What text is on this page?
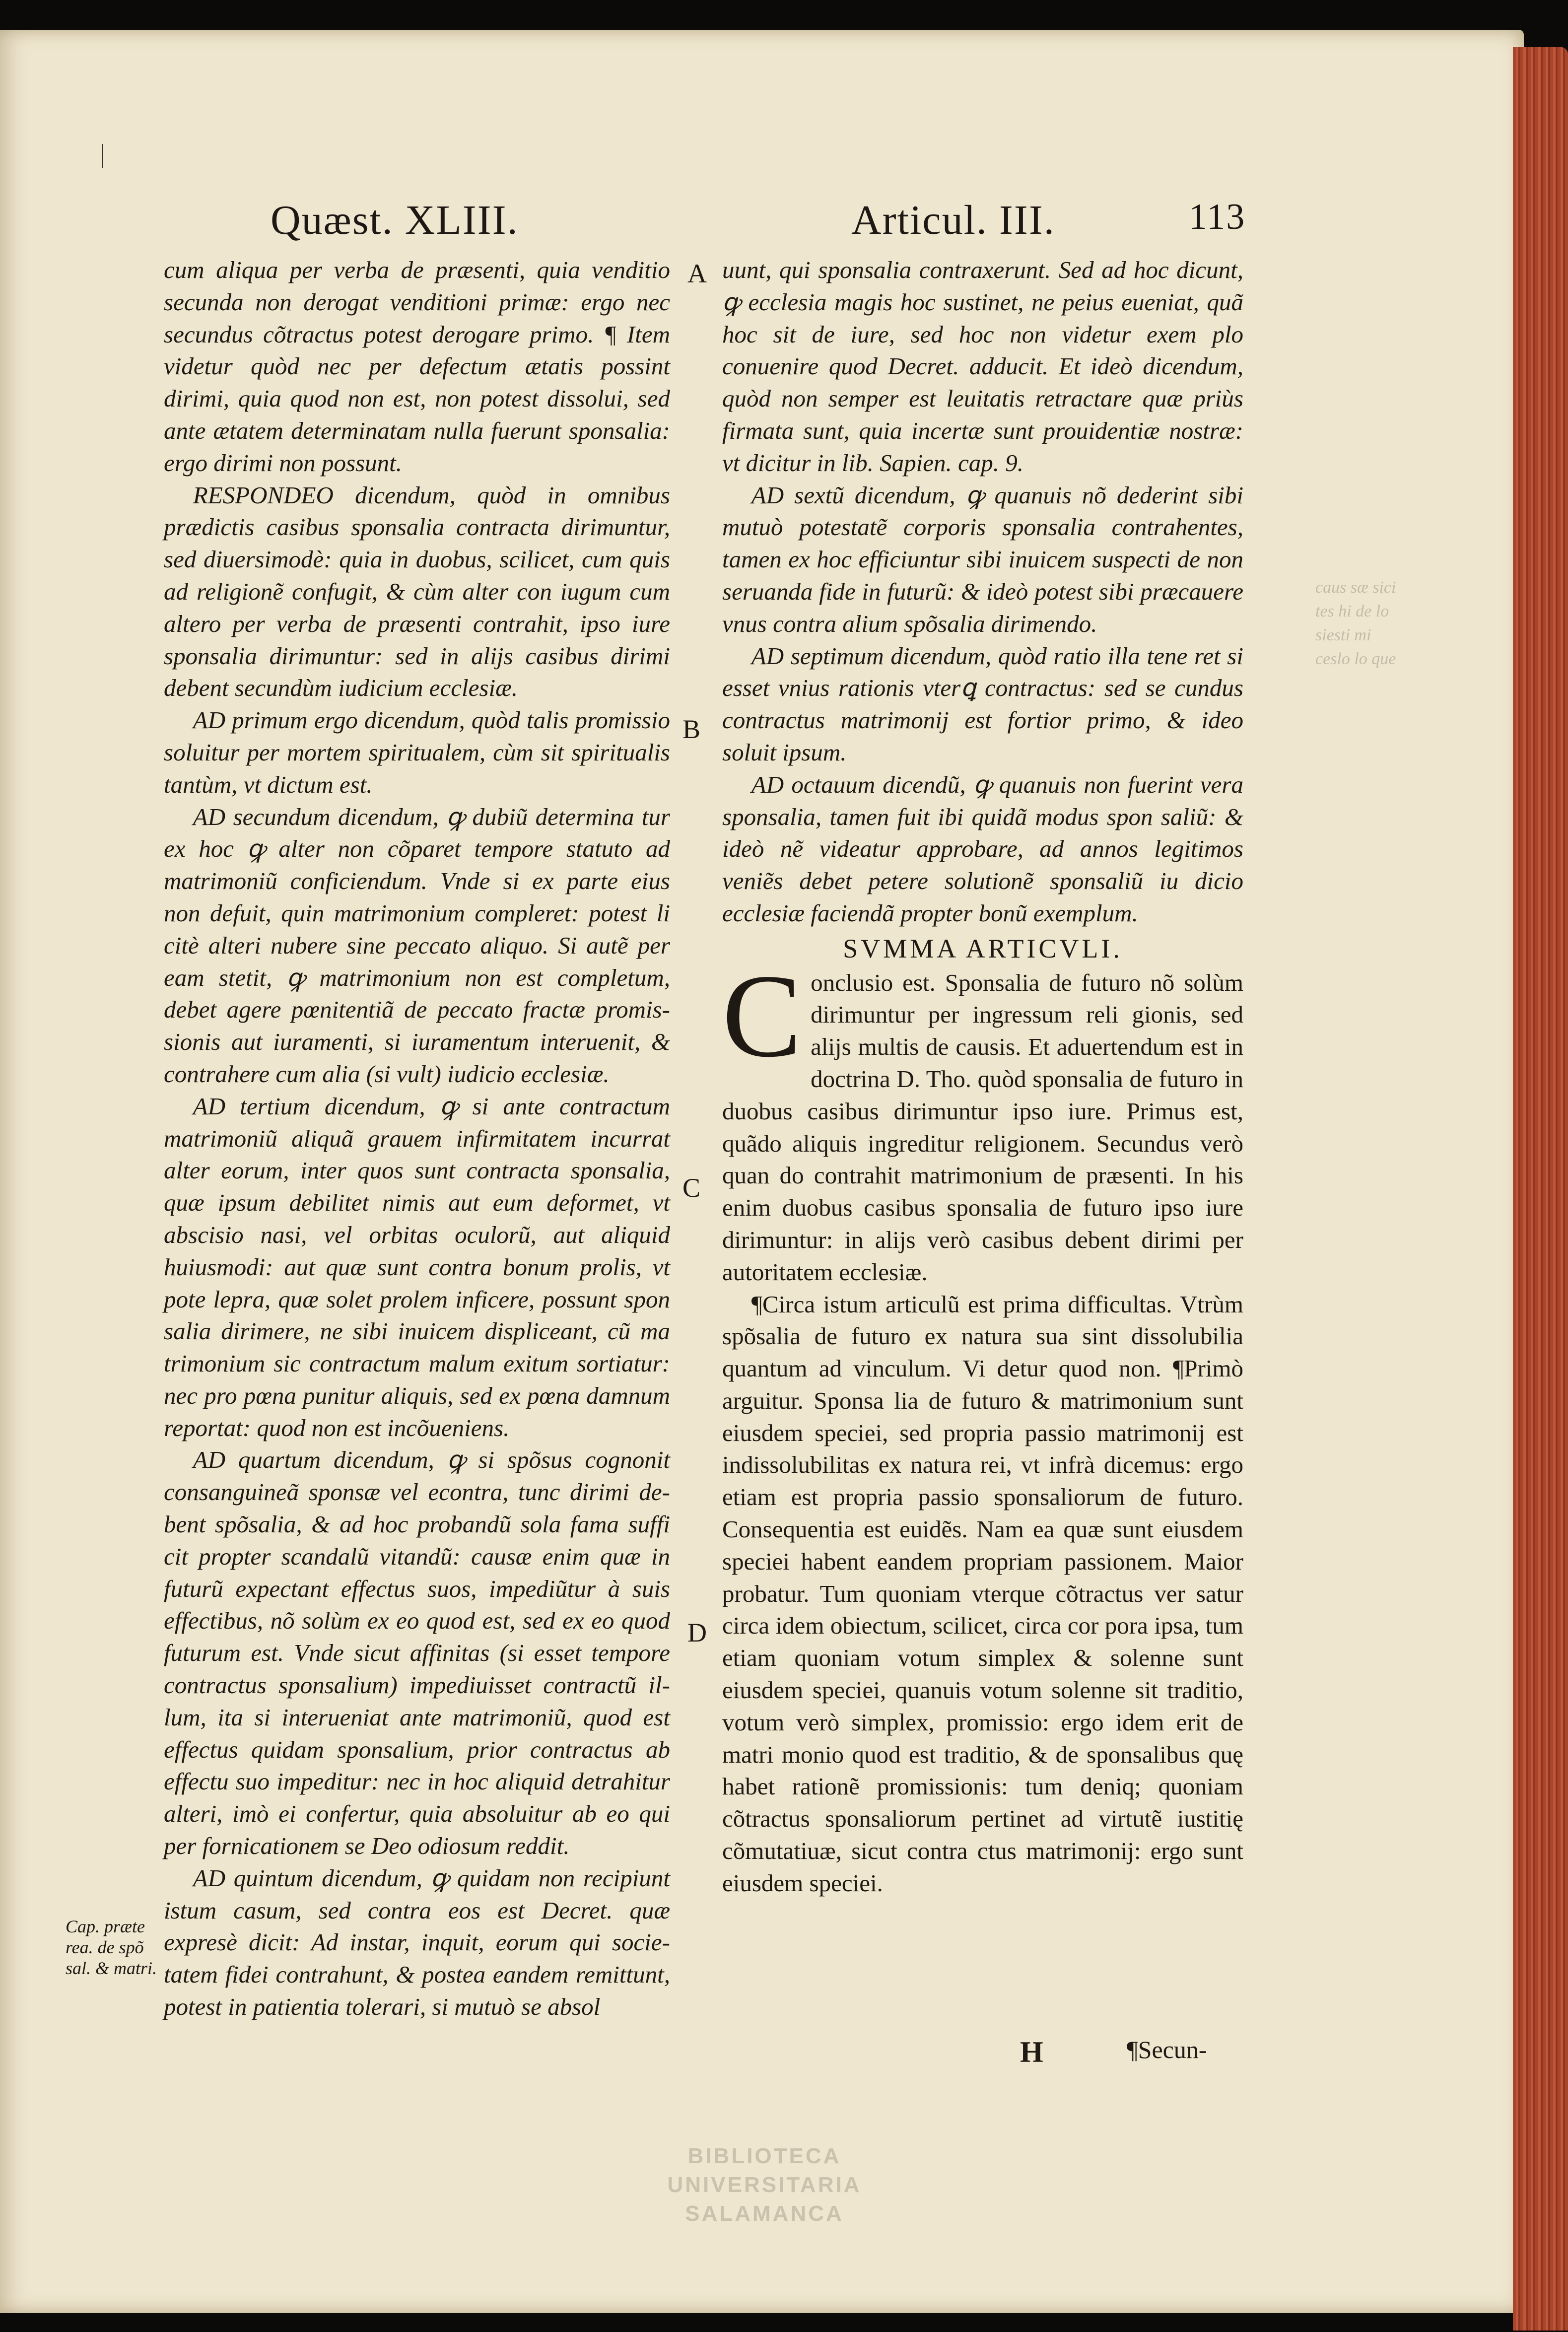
Quæst. XLIII.	Articul. III.	113

cum aliqua per verba de præsenti, quia venditio secunda non derogat venditioni primæ: ergo nec secundus cõtractus potest derogare primo. ¶ Item videtur quòd nec per defectum ætatis possint dirimi, quia quod non est, non potest dissolui, sed ante ætatem determinatam nulla fuerunt sponsalia: ergo dirimi non possunt.

RESPONDEO dicendum, quòd in omnibus prædictis casibus sponsalia contracta dirimuntur, sed diuersimodè: quia in duobus, scilicet, cum quis ad religionẽ confugit, & cùm alter con iugum cum altero per verba de præsenti contrahit, ipso iure sponsalia dirimuntur: sed in alijs casibus dirimi debent secundùm iudicium ecclesiæ.

AD primum ergo dicendum, quòd talis promissio soluitur per mortem spiritualem, cùm sit spiritualis tantùm, vt dictum est.

AD secundum dicendum, ꝙ dubiũ determina tur ex hoc ꝙ alter non cõparet tempore statuto ad matrimoniũ conficiendum. Vnde si ex parte eius non defuit, quin matrimonium compleret: potest li citè alteri nubere sine peccato aliquo. Si autẽ per eam stetit, ꝙ matrimonium non est completum, debet agere pœnitentiã de peccato fractæ promissionis aut iuramenti, si iuramentum interuenit, & contrahere cum alia (si vult) iudicio ecclesiæ.

AD tertium dicendum, ꝙ si ante contractum matrimoniũ aliquã grauem infirmitatem incurrat alter eorum, inter quos sunt contracta sponsalia, quæ ipsum debilitet nimis aut eum deformet, vt abscisio nasi, vel orbitas oculorũ, aut aliquid huiusmodi: aut quæ sunt contra bonum prolis, vt pote lepra, quæ solet prolem inficere, possunt spon salia dirimere, ne sibi inuicem displiceant, cũ ma trimonium sic contractum malum exitum sortiatur: nec pro pœna punitur aliquis, sed ex pœna damnum reportat: quod non est incõueniens.

AD quartum dicendum, ꝙ si spõsus cognonit consanguineã sponsæ vel econtra, tunc dirimi debent spõsalia, & ad hoc probandũ sola fama suffi cit propter scandalũ vitandũ: causæ enim quæ in futurũ expectant effectus suos, impediũtur à suis effectibus, nõ solùm ex eo quod est, sed ex eo quod futurum est. Vnde sicut affinitas (si esset tempore contractus sponsalium) impediuisset contractũ illum, ita si interueniat ante matrimoniũ, quod est effectus quidam sponsalium, prior contractus ab effectu suo impeditur: nec in hoc aliquid detrahitur alteri, imò ei confertur, quia absoluitur ab eo qui per fornicationem se Deo odiosum reddit.

AD quintum dicendum, ꝙ quidam non recipiunt istum casum, sed contra eos est Decret. quæ expresè dicit: Ad instar, inquit, eorum qui societatem fidei contrahunt, & postea eandem remittunt, potest in patientia tolerari, si mutuò se absol

A
B
C
D

uunt, qui sponsalia contraxerunt. Sed ad hoc dicunt, ꝙ ecclesia magis hoc sustinet, ne peius eueniat, quã hoc sit de iure, sed hoc non videtur exem plo conuenire quod Decret. adducit. Et ideò dicendum, quòd non semper est leuitatis retractare quæ priùs firmata sunt, quia incertæ sunt prouidentiæ nostræ: vt dicitur in lib. Sapien. cap. 9.

AD sextũ dicendum, ꝙ quanuis nõ dederint sibi mutuò potestatẽ corporis sponsalia contrahentes, tamen ex hoc efficiuntur sibi inuicem suspecti de non seruanda fide in futurũ: & ideò potest sibi præcauere vnus contra alium spõsalia dirimendo.

AD septimum dicendum, quòd ratio illa tene ret si esset vnius rationis vterꝗ contractus: sed se cundus contractus matrimonij est fortior primo, & ideo soluit ipsum.

AD octauum dicendũ, ꝙ quanuis non fuerint vera sponsalia, tamen fuit ibi quidã modus spon saliũ: & ideò nẽ videatur approbare, ad annos legitimos veniẽs debet petere solutionẽ sponsaliũ iu dicio ecclesiæ faciendã propter bonũ exemplum.

SVMMA ARTICVLI.

Conclusio est. Sponsalia de futuro nõ solùm dirimuntur per ingressum reli gionis, sed alijs multis de causis. Et aduertendum est in doctrina D. Tho. quòd sponsalia de futuro in duobus casibus dirimuntur ipso iure. Primus est, quãdo aliquis ingreditur religionem. Secundus verò quan do contrahit matrimonium de præsenti. In his enim duobus casibus sponsalia de futuro ipso iure dirimuntur: in alijs verò casibus debent dirimi per autoritatem ecclesiæ.

¶Circa istum articulũ est prima difficultas. Vtrùm spõsalia de futuro ex natura sua sint dissolubilia quantum ad vinculum. Vi detur quod non. ¶Primò arguitur. Sponsa lia de futuro & matrimonium sunt eiusdem speciei, sed propria passio matrimonij est indissolubilitas ex natura rei, vt infrà dicemus: ergo etiam est propria passio sponsaliorum de futuro. Consequentia est euidẽs. Nam ea quæ sunt eiusdem speciei habent eandem propriam passionem. Maior probatur. Tum quoniam vterque cõtractus ver satur circa idem obiectum, scilicet, circa cor pora ipsa, tum etiam quoniam votum simplex & solenne sunt eiusdem speciei, quanuis votum solenne sit traditio, votum verò simplex, promissio: ergo idem erit de matri monio quod est traditio, & de sponsalibus quę habet rationẽ promissionis: tum deniq; quoniam cõtractus sponsaliorum pertinet ad virtutẽ iustitię cõmutatiuæ, sicut contra ctus matrimonij: ergo sunt eiusdem speciei.

Cap. præte rea. de spõ sal. & matri.
caus sæ sici tes hi de lo siesti mi ceslo lo que
H	¶Secun-
BIBLIOTECA
UNIVERSITARIA
SALAMANCA
